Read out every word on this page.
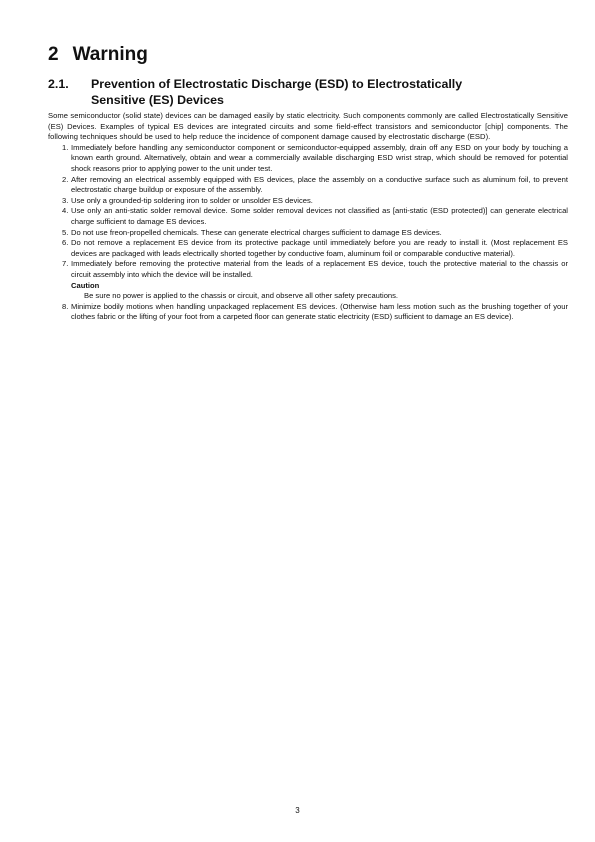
2 Warning
2.1.	Prevention of Electrostatic Discharge (ESD) to Electrostatically
Sensitive (ES) Devices

Some semiconductor (solid state) devices can be damaged easily by static electricity. Such components commonly are called Electrostatically Sensitive (ES) Devices. Examples of typical ES devices are integrated circuits and some field-effect transistors and semiconductor [chip] components. The following techniques should be used to help reduce the incidence of component damage caused by electrostatic discharge (ESD).

1. Immediately before handling any semiconductor component or semiconductor-equipped assembly, drain off any ESD on your body by touching a known earth ground. Alternatively, obtain and wear a commercially available discharging ESD wrist strap, which should be removed for potential shock reasons prior to applying power to the unit under test.
2. After removing an electrical assembly equipped with ES devices, place the assembly on a conductive surface such as aluminum foil, to prevent electrostatic charge buildup or exposure of the assembly.
3. Use only a grounded-tip soldering iron to solder or unsolder ES devices.
4. Use only an anti-static solder removal device. Some solder removal devices not classified as [anti-static (ESD protected)] can generate electrical charge sufficient to damage ES devices.
5. Do not use freon-propelled chemicals. These can generate electrical charges sufficient to damage ES devices.
6. Do not remove a replacement ES device from its protective package until immediately before you are ready to install it. (Most replacement ES devices are packaged with leads electrically shorted together by conductive foam, aluminum foil or comparable conductive material).
7. Immediately before removing the protective material from the leads of a replacement ES device, touch the protective material to the chassis or circuit assembly into which the device will be installed.
Caution
Be sure no power is applied to the chassis or circuit, and observe all other safety precautions.
8. Minimize bodily motions when handling unpackaged replacement ES devices. (Otherwise ham less motion such as the brushing together of your clothes fabric or the lifting of your foot from a carpeted floor can generate static electricity (ESD) sufficient to damage an ES device).
3
